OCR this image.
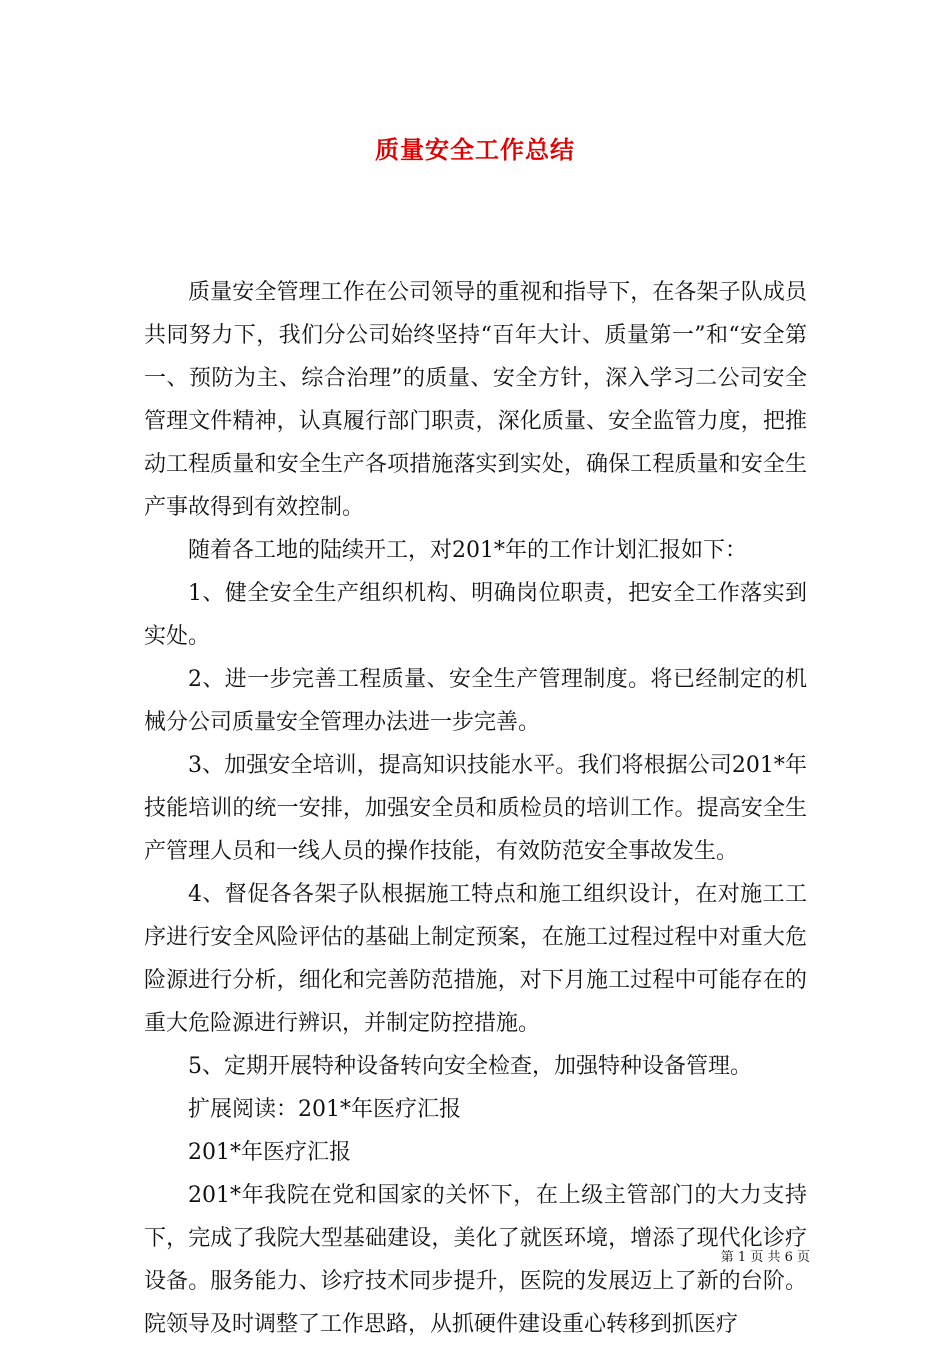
质量安全工作总结

质量安全管理工作在公司领导的重视和指导下，在各架子队成员共同努力下，我们分公司始终坚持“百年大计、质量第一”和“安全第一、预防为主、综合治理”的质量、安全方针，深入学习二公司安全管理文件精神，认真履行部门职责，深化质量、安全监管力度，把推动工程质量和安全生产各项措施落实到实处，确保工程质量和安全生产事故得到有效控制。

随着各工地的陆续开工，对201*年的工作计划汇报如下：

1、健全安全生产组织机构、明确岗位职责，把安全工作落实到实处。

2、进一步完善工程质量、安全生产管理制度。将已经制定的机械分公司质量安全管理办法进一步完善。

3、加强安全培训，提高知识技能水平。我们将根据公司201*年技能培训的统一安排，加强安全员和质检员的培训工作。提高安全生产管理人员和一线人员的操作技能，有效防范安全事故发生。

4、督促各各架子队根据施工特点和施工组织设计，在对施工工序进行安全风险评估的基础上制定预案，在施工过程过程中对重大危险源进行分析，细化和完善防范措施，对下月施工过程中可能存在的重大危险源进行辨识，并制定防控措施。

5、定期开展特种设备转向安全检查，加强特种设备管理。

扩展阅读：201*年医疗汇报

201*年医疗汇报

201*年我院在党和国家的关怀下，在上级主管部门的大力支持下，完成了我院大型基础建设，美化了就医环境，增添了现代化诊疗设备。服务能力、诊疗技术同步提升，医院的发展迈上了新的台阶。院领导及时调整了工作思路，从抓硬件建设重心转移到抓医疗

第 1 页 共 6 页
